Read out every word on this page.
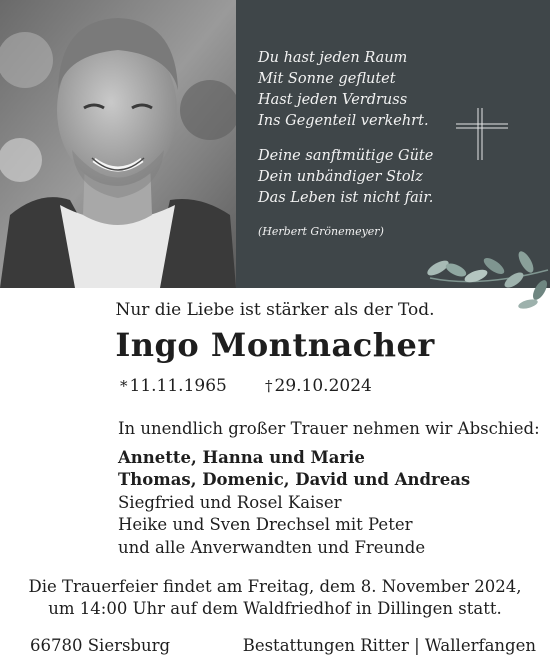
Du hast jeden Raum
Mit Sonne geflutet
Hast jeden Verdruss
Ins Gegenteil verkehrt.
Deine sanftmütige Güte
Dein unbändiger Stolz
Das Leben ist nicht fair.
(Herbert Grönemeyer)
Nur die Liebe ist stärker als der Tod.
Ingo Montnacher
* 11.11.1965	† 29.10.2024
In unendlich großer Trauer nehmen wir Abschied:
Annette, Hanna und Marie
Thomas, Domenic, David und Andreas
Siegfried und Rosel Kaiser
Heike und Sven Drechsel mit Peter
und alle Anverwandten und Freunde
Die Trauerfeier findet am Freitag, dem 8. November 2024,
um 14:00 Uhr auf dem Waldfriedhof in Dillingen statt.
66780 Siersburg	Bestattungen Ritter | Wallerfangen
